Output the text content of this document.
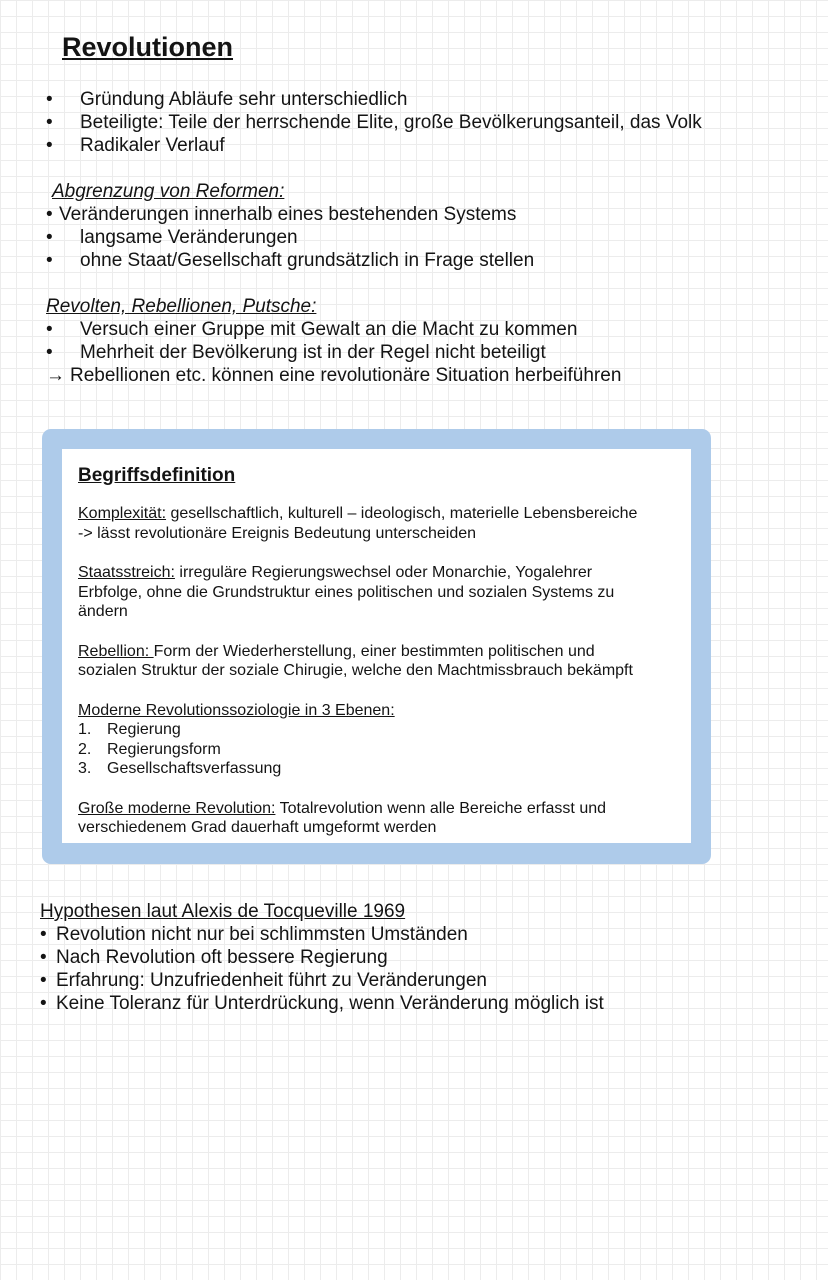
Revolutionen
•	Gründung Abläufe sehr unterschiedlich
•	Beteiligte: Teile der herrschende Elite, große Bevölkerungsanteil, das Volk
•	Radikaler Verlauf
Abgrenzung von Reformen:
• Veränderungen innerhalb eines bestehenden Systems
•	langsame Veränderungen
•	ohne Staat/Gesellschaft grundsätzlich in Frage stellen
Revolten, Rebellionen, Putsche:
•	Versuch einer Gruppe mit Gewalt an die Macht zu kommen
•	Mehrheit der Bevölkerung ist in der Regel nicht beteiligt
→ Rebellionen etc. können eine revolutionäre Situation herbeiführen
Begriffsdefinition
Komplexität: gesellschaftlich, kulturell – ideologisch, materielle Lebensbereiche
-> lässt revolutionäre Ereignis Bedeutung unterscheiden
Staatsstreich: irreguläre Regierungswechsel oder Monarchie, Yogalehrer
Erbfolge, ohne die Grundstruktur eines politischen und sozialen Systems zu
ändern
Rebellion: Form der Wiederherstellung, einer bestimmten politischen und
sozialen Struktur der soziale Chirugie, welche den Machtmissbrauch bekämpft
Moderne Revolutionssoziologie in 3 Ebenen:
1. Regierung
2. Regierungsform
3. Gesellschaftsverfassung
Große moderne Revolution: Totalrevolution wenn alle Bereiche erfasst und
verschiedenem Grad dauerhaft umgeformt werden
Hypothesen laut Alexis de Tocqueville 1969
• Revolution nicht nur bei schlimmsten Umständen
• Nach Revolution oft bessere Regierung
• Erfahrung: Unzufriedenheit führt zu Veränderungen
• Keine Toleranz für Unterdrückung, wenn Veränderung möglich ist
